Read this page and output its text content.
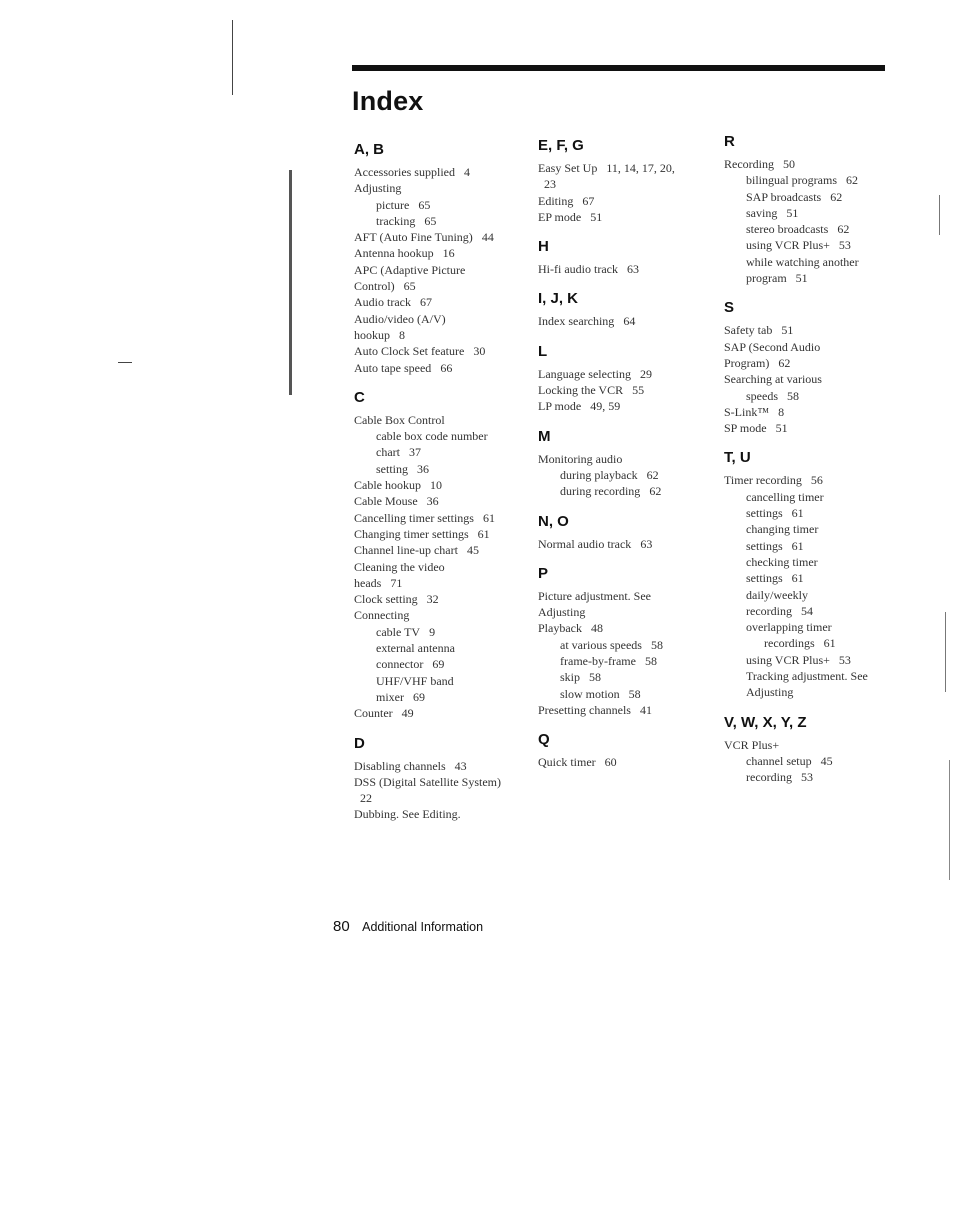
Index
A, B
Accessories supplied 4
Adjusting
picture 65
tracking 65
AFT (Auto Fine Tuning) 44
Antenna hookup 16
APC (Adaptive Picture
Control) 65
Audio track 67
Audio/video (A/V)
hookup 8
Auto Clock Set feature 30
Auto tape speed 66
C
Cable Box Control
cable box code number
chart 37
setting 36
Cable hookup 10
Cable Mouse 36
Cancelling timer settings 61
Changing timer settings 61
Channel line-up chart 45
Cleaning the video
heads 71
Clock setting 32
Connecting
cable TV 9
external antenna
connector 69
UHF/VHF band
mixer 69
Counter 49
D
Disabling channels 43
DSS (Digital Satellite System)
22
Dubbing. See Editing.
E, F, G
Easy Set Up 11, 14, 17, 20,
23
Editing 67
EP mode 51
H
Hi-fi audio track 63
I, J, K
Index searching 64
L
Language selecting 29
Locking the VCR 55
LP mode 49, 59
M
Monitoring audio
during playback 62
during recording 62
N, O
Normal audio track 63
P
Picture adjustment. See
Adjusting
Playback 48
at various speeds 58
frame-by-frame 58
skip 58
slow motion 58
Presetting channels 41
Q
Quick timer 60
R
Recording 50
bilingual programs 62
SAP broadcasts 62
saving 51
stereo broadcasts 62
using VCR Plus+ 53
while watching another
program 51
S
Safety tab 51
SAP (Second Audio
Program) 62
Searching at various
speeds 58
S-Link™ 8
SP mode 51
T, U
Timer recording 56
cancelling timer
settings 61
changing timer
settings 61
checking timer
settings 61
daily/weekly
recording 54
overlapping timer
recordings 61
using VCR Plus+ 53
Tracking adjustment. See
Adjusting
V, W, X, Y, Z
VCR Plus+
channel setup 45
recording 53
80 Additional Information
